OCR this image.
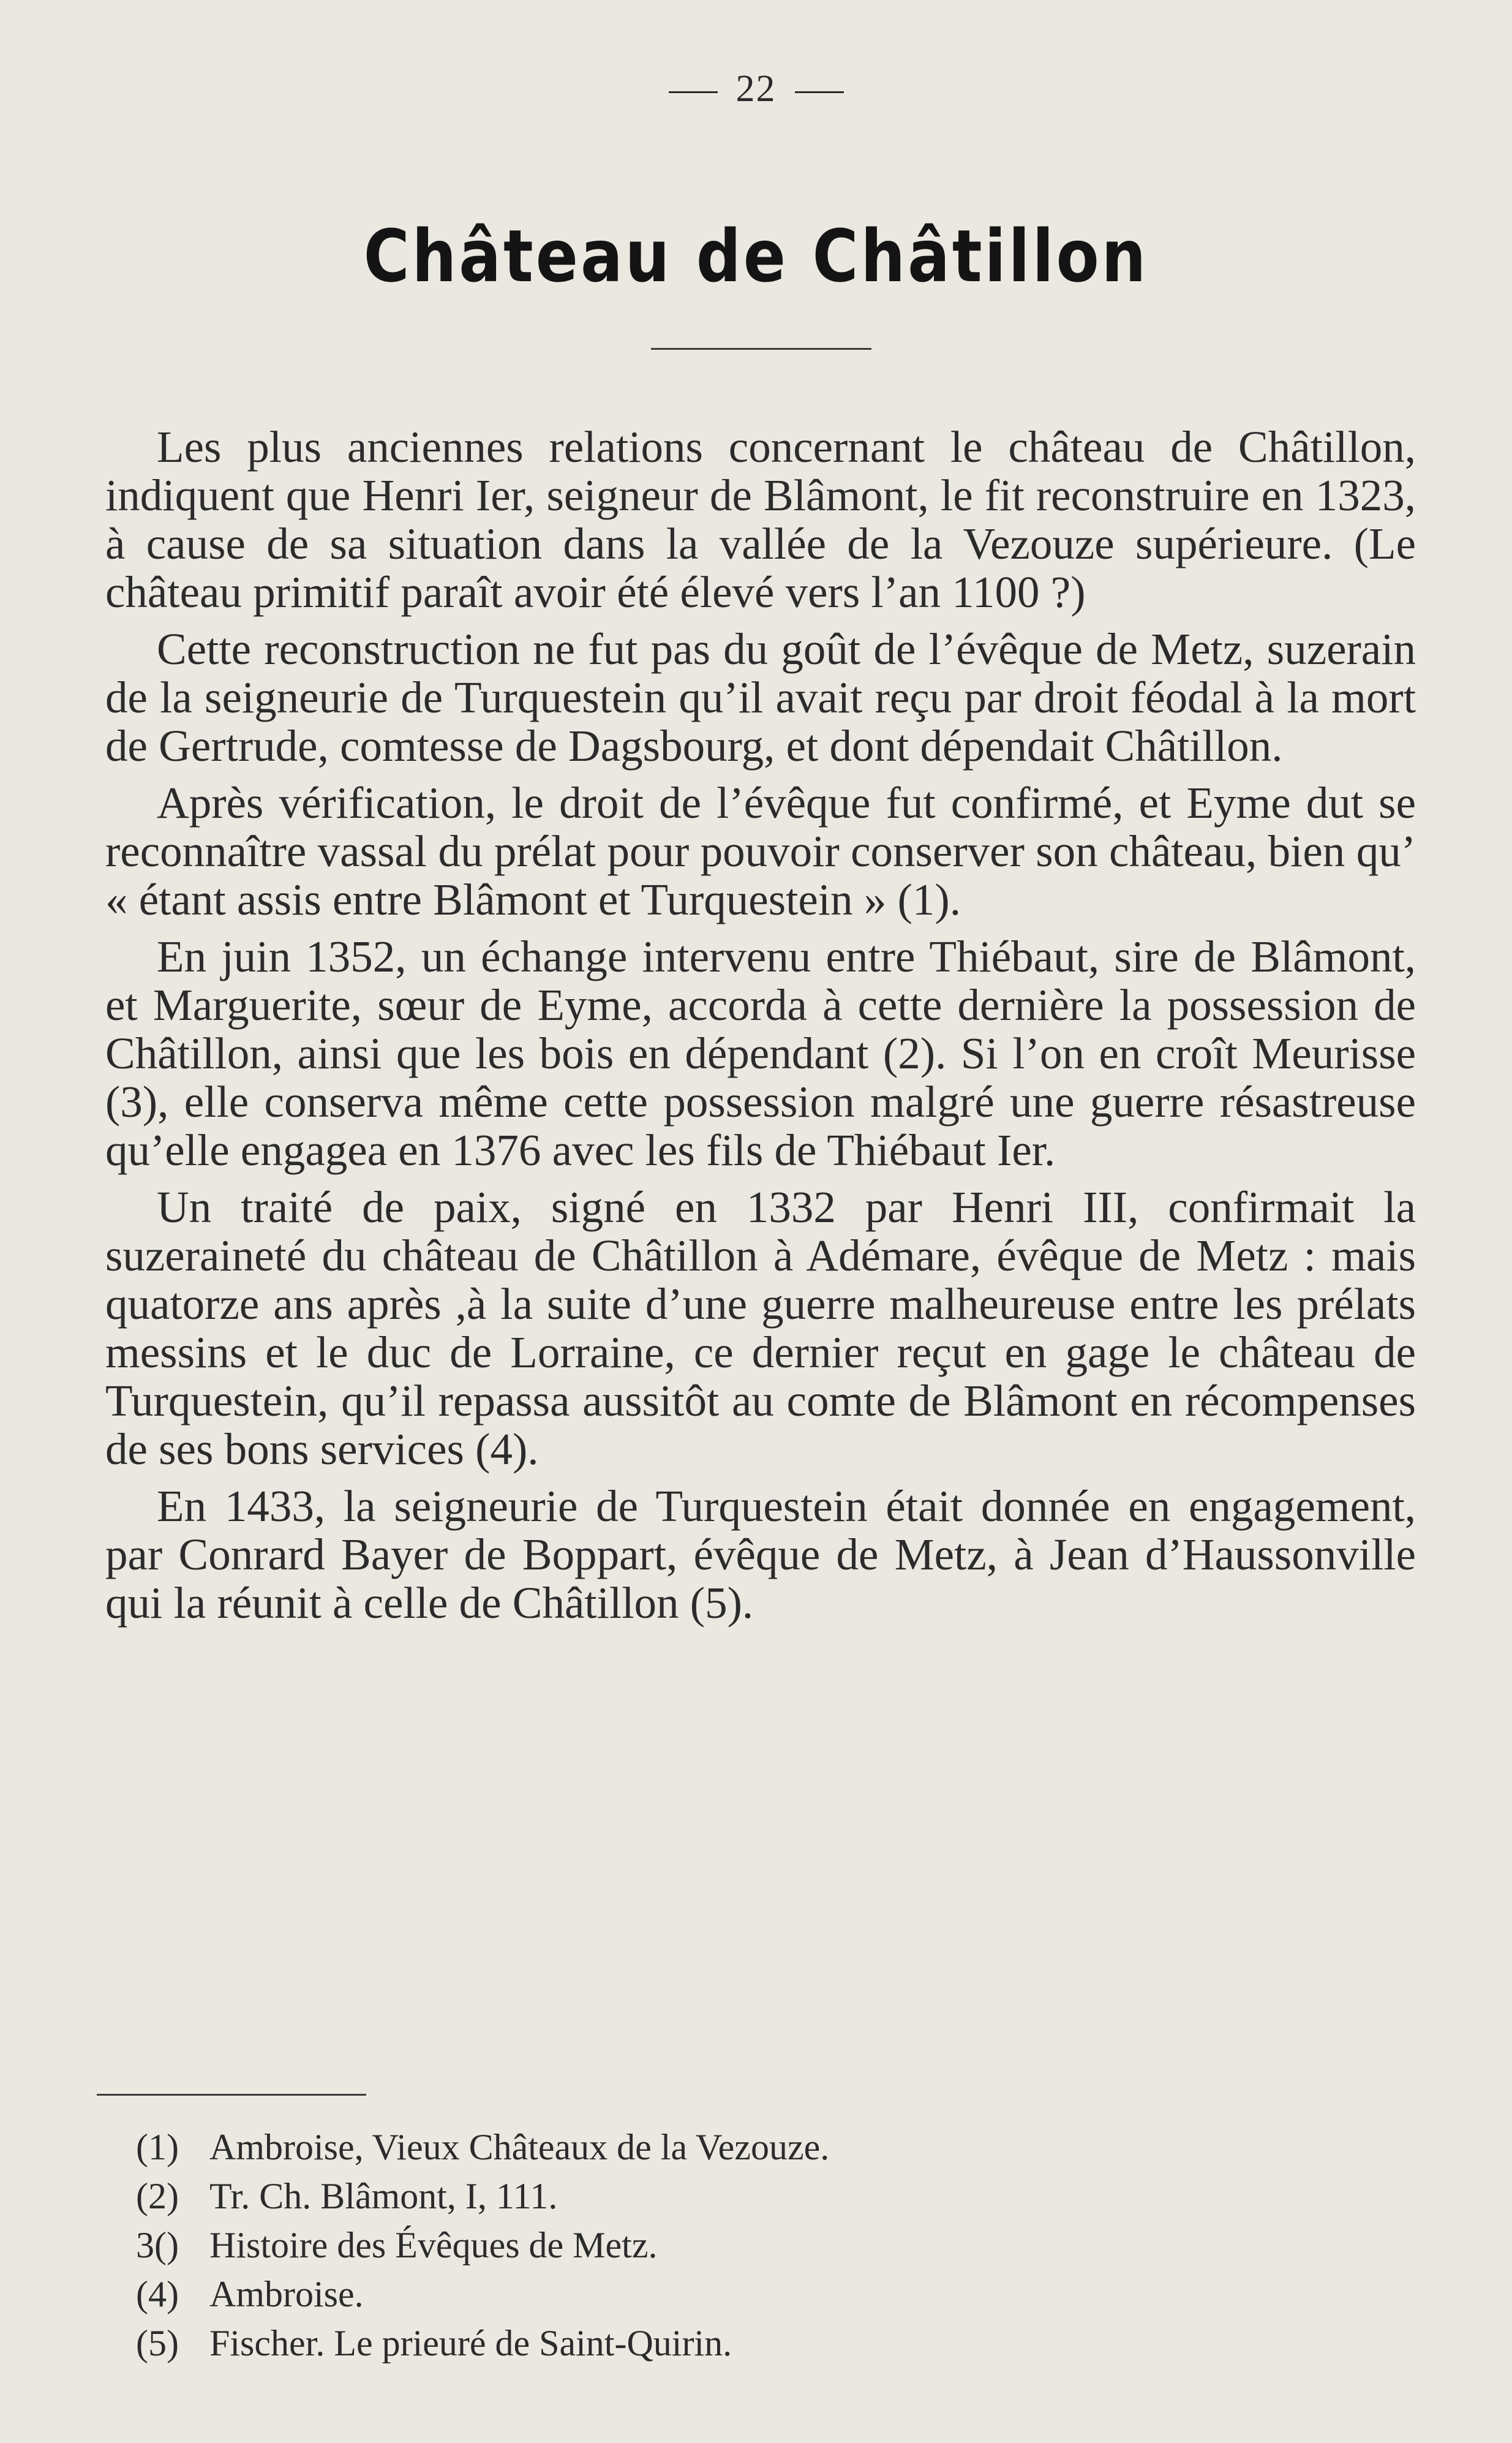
22
Château de Châtillon

Les plus anciennes relations concernant le château de Châtillon, indiquent que Henri Ier, seigneur de Blâmont, le fit reconstruire en 1323, à cause de sa situation dans la vallée de la Vezouze supérieure. (Le château primitif paraît avoir été élevé vers l’an 1100 ?)

Cette reconstruction ne fut pas du goût de l’évêque de Metz, suzerain de la seigneurie de Turquestein qu’il avait reçu par droit féodal à la mort de Gertrude, comtesse de Dagsbourg, et dont dépendait Châtillon.

Après vérification, le droit de l’évêque fut confirmé, et Eyme dut se reconnaître vassal du prélat pour pouvoir conserver son château, bien qu’ « étant assis entre Blâmont et Turquestein » (1).

En juin 1352, un échange intervenu entre Thiébaut, sire de Blâmont, et Marguerite, sœur de Eyme, accorda à cette dernière la possession de Châtillon, ainsi que les bois en dépendant (2). Si l’on en croît Meurisse (3), elle conserva même cette possession malgré une guerre résastreuse qu’elle engagea en 1376 avec les fils de Thiébaut Ier.

Un traité de paix, signé en 1332 par Henri III, confirmait la suzeraineté du château de Châtillon à Adémare, évêque de Metz : mais quatorze ans après ,à la suite d’une guerre malheureuse entre les prélats messins et le duc de Lorraine, ce dernier reçut en gage le château de Turquestein, qu’il repassa aussitôt au comte de Blâmont en récompenses de ses bons services (4).

En 1433, la seigneurie de Turquestein était donnée en engagement, par Conrard Bayer de Boppart, évêque de Metz, à Jean d’Haussonville qui la réunit à celle de Châtillon (5).

(1) Ambroise, Vieux Châteaux de la Vezouze.
(2) Tr. Ch. Blâmont, I, 111.
3() Histoire des Évêques de Metz.
(4) Ambroise.
(5) Fischer. Le prieuré de Saint-Quirin.
